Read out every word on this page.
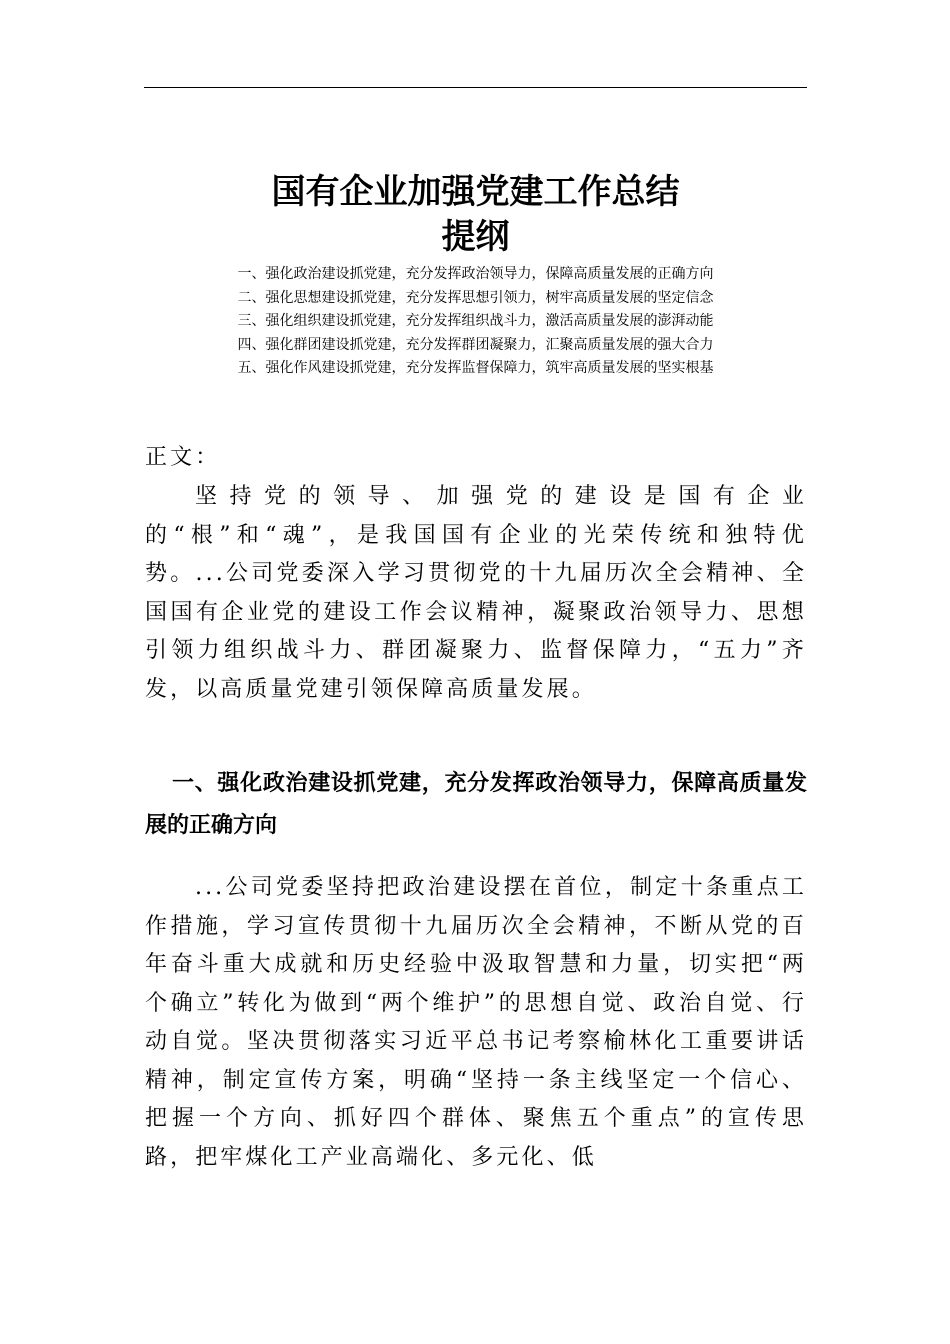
国有企业加强党建工作总结
提纲
一、强化政治建设抓党建，充分发挥政治领导力，保障高质量发展的正确方向
二、强化思想建设抓党建，充分发挥思想引领力，树牢高质量发展的坚定信念
三、强化组织建设抓党建，充分发挥组织战斗力，激活高质量发展的澎湃动能
四、强化群团建设抓党建，充分发挥群团凝聚力，汇聚高质量发展的强大合力
五、强化作风建设抓党建，充分发挥监督保障力，筑牢高质量发展的坚实根基

正文：

坚持党的领导、加强党的建设是国有企业的“根”和“魂”，是我国国有企业的光荣传统和独特优势。...公司党委深入学习贯彻党的十九届历次全会精神、全国国有企业党的建设工作会议精神，凝聚政治领导力、思想引领力组织战斗力、群团凝聚力、监督保障力，“五力”齐发，以高质量党建引领保障高质量发展。

一、强化政治建设抓党建，充分发挥政治领导力，保障高质量发展的正确方向

...公司党委坚持把政治建设摆在首位，制定十条重点工作措施，学习宣传贯彻十九届历次全会精神，不断从党的百年奋斗重大成就和历史经验中汲取智慧和力量，切实把“两个确立”转化为做到“两个维护”的思想自觉、政治自觉、行动自觉。坚决贯彻落实习近平总书记考察榆林化工重要讲话精神，制定宣传方案，明确“坚持一条主线坚定一个信心、把握一个方向、抓好四个群体、聚焦五个重点”的宣传思路，把牢煤化工产业高端化、多元化、低
